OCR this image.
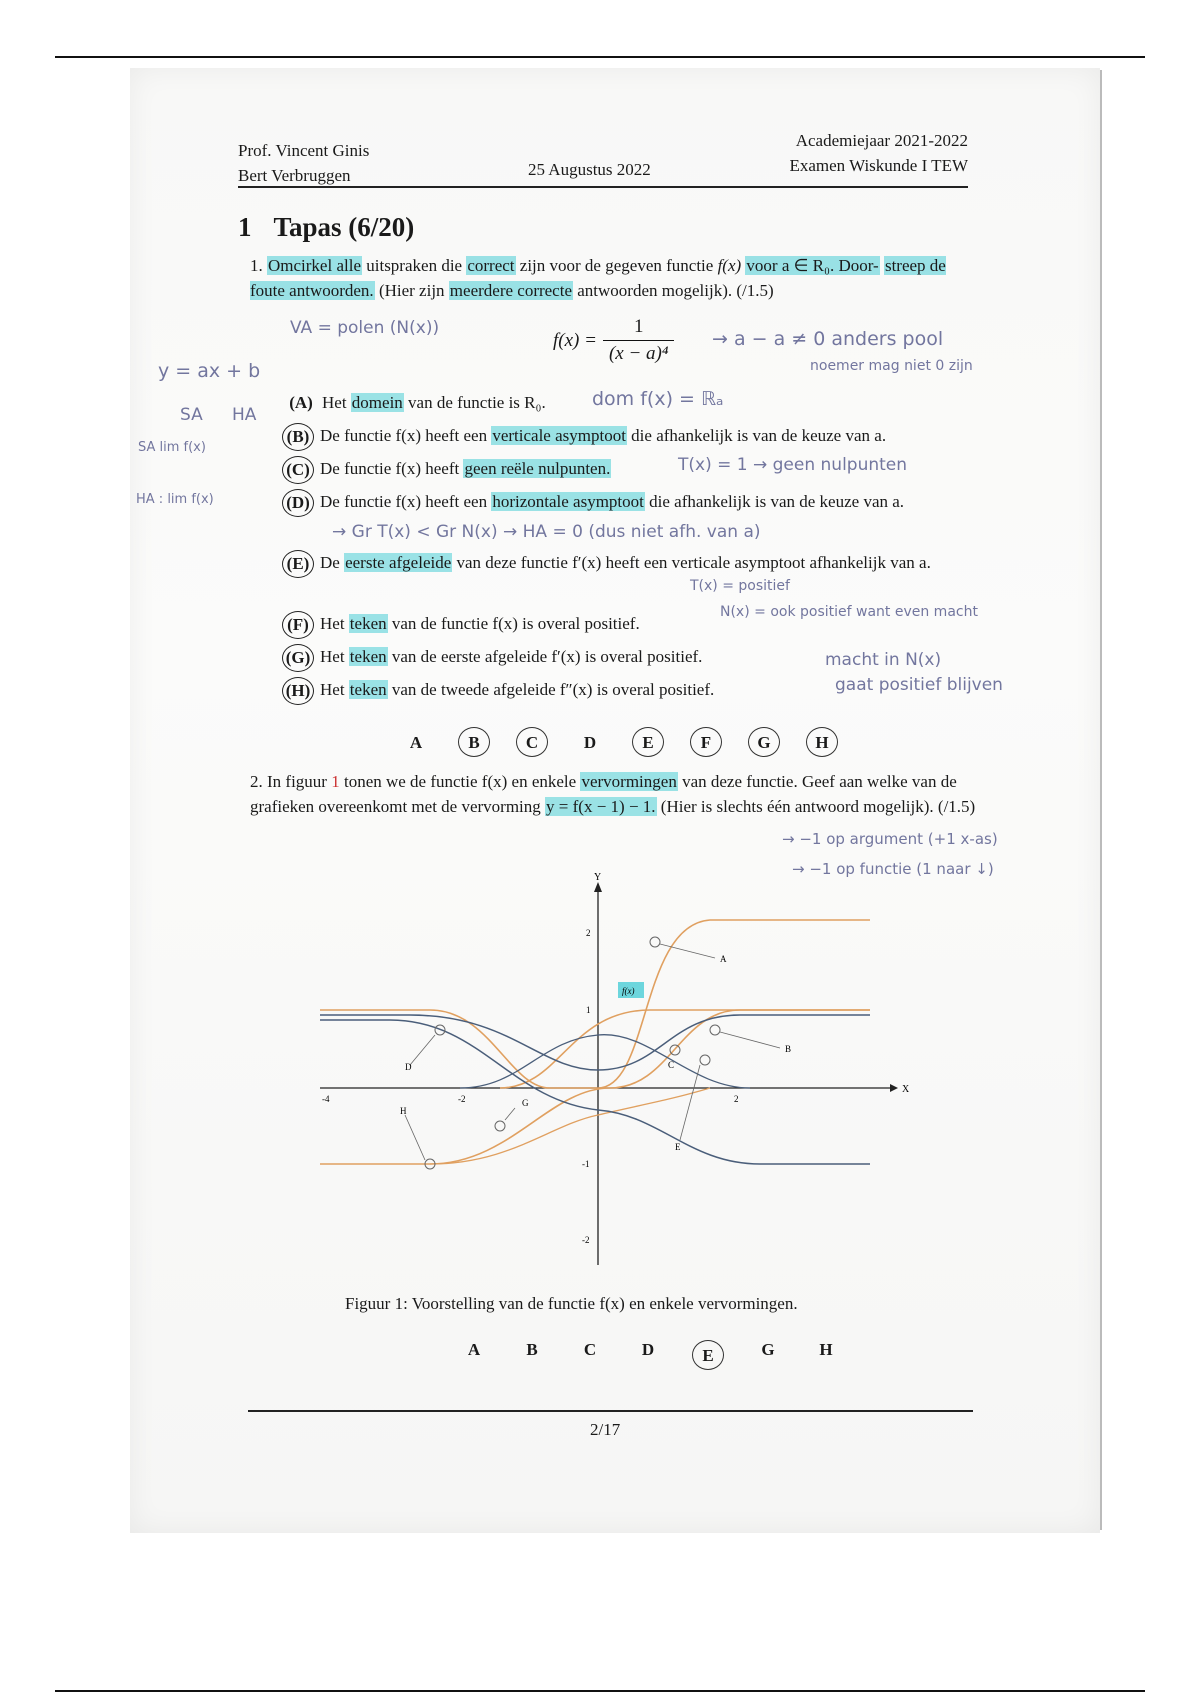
Prof. Vincent Ginis
Bert Verbruggen	25 Augustus 2022
Academiejaar 2021-2022
Examen Wiskunde I TEW
1 Tapas (6/20)
1. Omcirkel alle uitspraken die correct zijn voor de gegeven functie f(x) voor a ∈ R₀. Door- streep de foute antwoorden. (Hier zijn meerdere correcte antwoorden mogelijk). (/1.5)
$f(x) = \frac{1}{\text{(x − a)⁴}}$
(A) Het domein van de functie is R₀.
(B) De functie f(x) heeft een verticale asymptoot die afhankelijk is van de keuze van a.
(C) De functie f(x) heeft geen reële nulpunten.
(D) De functie f(x) heeft een horizontale asymptoot die afhankelijk is van de keuze van a.
(E) De eerste afgeleide van deze functie f′(x) heeft een verticale asymptoot afhankelijk van a.
(F) Het teken van de functie f(x) is overal positief.
(G) Het teken van de eerste afgeleide f′(x) is overal positief.
(H) Het teken van de tweede afgeleide f″(x) is overal positief.
A	B	C	D	E	F	G	H
2. In figuur 1 tonen we de functie f(x) en enkele vervormingen van deze functie. Geef aan welke van de grafieken overeenkomt met de vervorming y = f(x − 1) − 1. (Hier is slechts één antwoord mogelijk). (/1.5)
X
Y
-4	-2	2
2
1
-1
-2
A
B
C
D
E
G
H
f(x)
Figuur 1: Voorstelling van de functie f(x) en enkele vervormingen.
A	B	C	D	E	G	H
VA = polen (N(x))
y = ax + b
SA HA
SA lim f(x)
HA : lim f(x)
→ a − a ≠ 0 anders pool
noemer mag niet 0 zijn
dom f(x) = ℝₐ
T(x) = 1 → geen nulpunten
→ Gr T(x) < Gr N(x) → HA = 0 (dus niet afh. van a)
T(x) = positief
N(x) = ook positief want even macht
macht in N(x)
gaat positief blijven
→ −1 op argument (+1 x-as)
→ −1 op functie (1 naar ↓)
2/17
